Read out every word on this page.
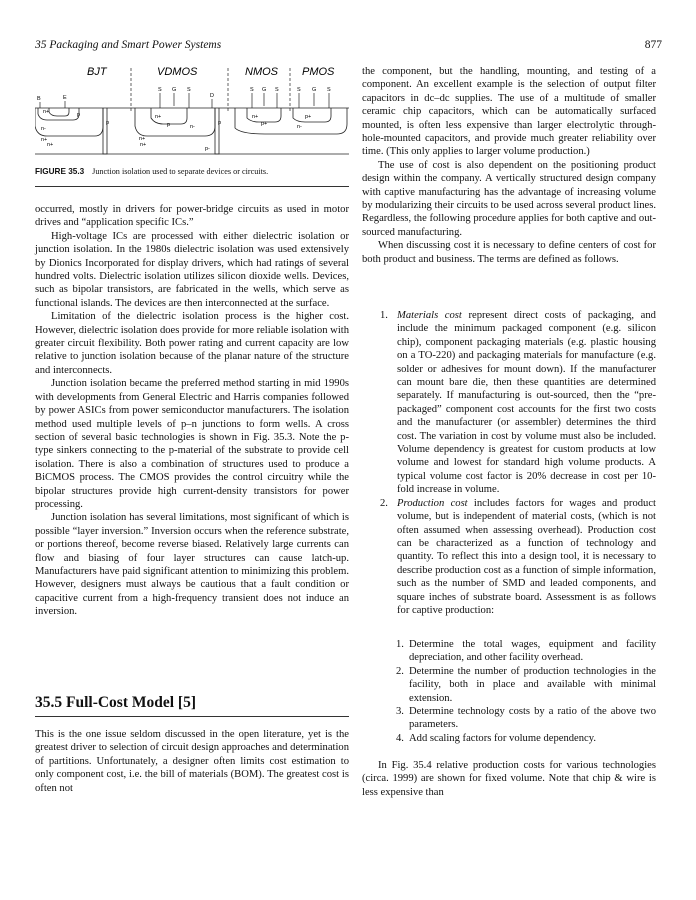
35 Packaging and Smart Power Systems	877
BJT	VDMOS	NMOS PMOS
B	E
S G S
D
S G S	S G S
n+	p
n-
n+
p
n+
n-
p
n+
p
n+
p+
p+
n-
n+	n+
p-
FIGURE 35.3 Junction isolation used to separate devices or circuits.

occurred, mostly in drivers for power-bridge circuits as used in motor drives and “application specific ICs.”

High-voltage ICs are processed with either dielectric isolation or junction isolation. In the 1980s dielectric isolation was used extensively by Dionics Incorporated for display drivers, which had ratings of several hundred volts. Dielectric isolation utilizes silicon dioxide wells. Devices, such as bipolar transistors, are fabricated in the wells, which serve as functional islands. The devices are then interconnected at the surface.

Limitation of the dielectric isolation process is the higher cost. However, dielectric isolation does provide for more reliable isolation with greater circuit flexibility. Both power rating and current capacity are low relative to junction isolation because of the planar nature of the structure and interconnects.

Junction isolation became the preferred method starting in mid 1990s with developments from General Electric and Harris companies followed by power ASICs from power semiconductor manufacturers. The isolation method used multiple levels of p–n junctions to form wells. A cross section of several basic technologies is shown in Fig. 35.3. Note the p-type sinkers connecting to the p-material of the substrate to provide cell isolation. There is also a combination of structures used to produce a BiCMOS process. The CMOS provides the control circuitry while the bipolar structures provide high current-density transistors for power processing.

Junction isolation has several limitations, most significant of which is possible “layer inversion.” Inversion occurs when the reference substrate, or portions thereof, become reverse biased. Relatively large currents can flow and biasing of four layer structures can cause latch-up. Manufacturers have paid significant attention to minimizing this problem. However, designers must always be cautious that a fault condition or capacitive current from a high-frequency transient does not induce an inversion.

35.5 Full-Cost Model [5]

This is the one issue seldom discussed in the open literature, yet is the greatest driver to selection of circuit design approaches and determination of partitions. Unfortunately, a designer often limits cost estimation to only component cost, i.e. the bill of materials (BOM). The greatest cost is often not

the component, but the handling, mounting, and testing of a component. An excellent example is the selection of output filter capacitors in dc–dc supplies. The use of a multitude of smaller ceramic chip capacitors, which can be automatically surfaced mounted, is often less expensive than larger electrolytic through-hole-mounted capacitors, and provide much greater reliability over time. (This only applies to larger volume production.)

The use of cost is also dependent on the positioning product design within the company. A vertically structured design company with captive manufacturing has the advantage of increasing volume by modularizing their circuits to be used across several product lines. Regardless, the following procedure applies for both captive and out-sourced manufacturing.

When discussing cost it is necessary to define centers of cost for both product and business. The terms are defined as follows.

1. Materials cost represent direct costs of packaging, and include the minimum packaged component (e.g. silicon chip), component packaging materials (e.g. plastic housing on a TO-220) and packaging materials for manufacture (e.g. solder or adhesives for mount down). If the manufacturer can mount bare die, then these quantities are determined separately. If manufacturing is out-sourced, then the “pre-packaged” component cost accounts for the first two costs and the manufacturer (or assembler) determines the third cost. The variation in cost by volume must also be included. Volume dependency is greatest for custom products at low volume and lowest for standard high volume products. A typical volume cost factor is 20% decrease in cost per 10-fold increase in volume.
2. Production cost includes factors for wages and product volume, but is independent of material costs, (which is not often assumed when assessing overhead). Production cost can be characterized as a function of technology and quantity. To reflect this into a design tool, it is necessary to describe production cost as a function of simple information, such as the number of SMD and leaded components, and square inches of substrate board. Assessment is as follows for captive production:
1. Determine the total wages, equipment and facility depreciation, and other facility overhead.
2. Determine the number of production technologies in the facility, both in place and available with minimal extension.
3. Determine technology costs by a ratio of the above two parameters.
4. Add scaling factors for volume dependency.

In Fig. 35.4 relative production costs for various technologies (circa. 1999) are shown for fixed volume. Note that chip & wire is less expensive than
